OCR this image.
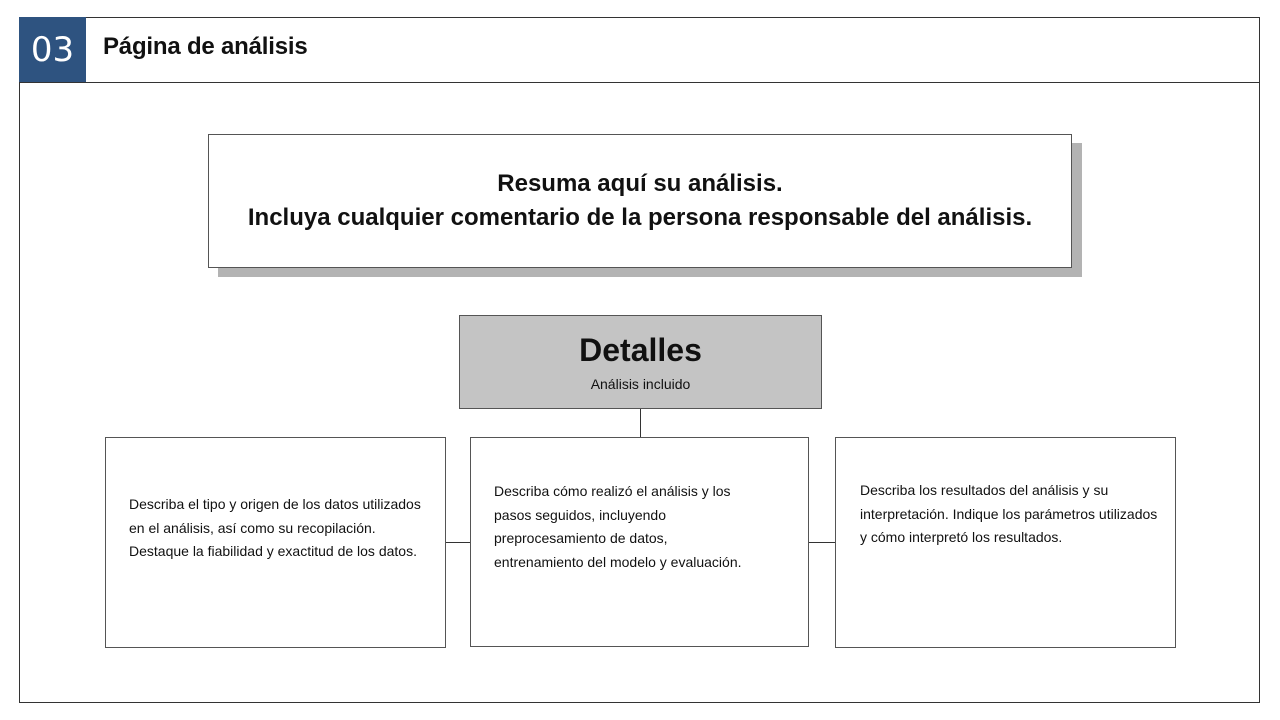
03 Página de análisis
Resuma aquí su análisis.
Incluya cualquier comentario de la persona responsable del análisis.
Detalles
Análisis incluido
Describa el tipo y origen de los datos utilizados
en el análisis, así como su recopilación.
Destaque la fiabilidad y exactitud de los datos.
Describa cómo realizó el análisis y los
pasos seguidos, incluyendo
preprocesamiento de datos,
entrenamiento del modelo y evaluación.
Describa los resultados del análisis y su
interpretación. Indique los parámetros utilizados
y cómo interpretó los resultados.
